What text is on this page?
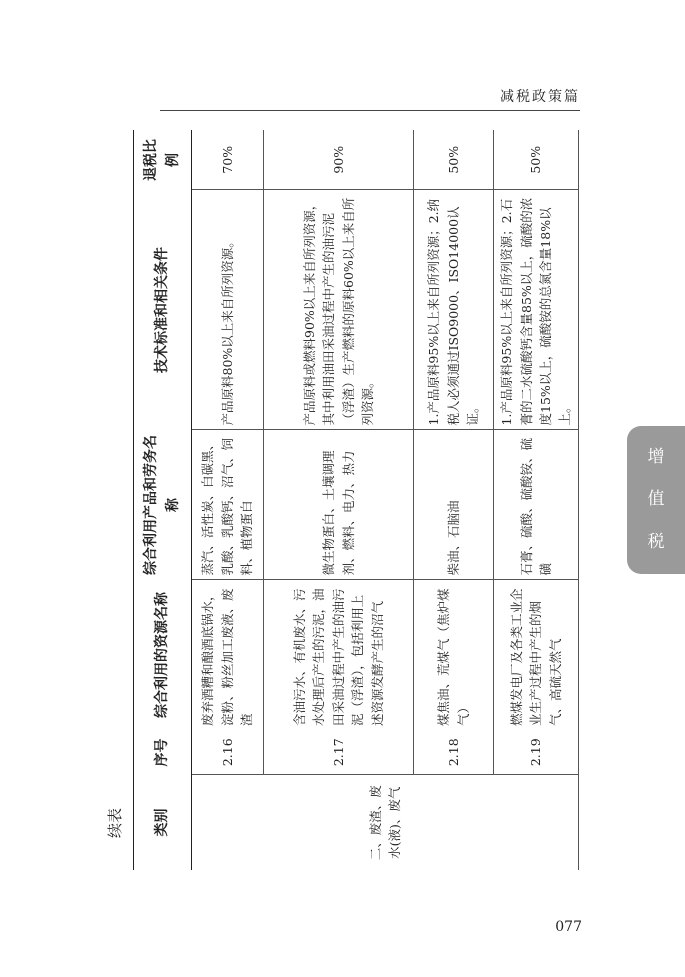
减税政策篇
续表 类别	序号	综合利用的资源名称	综合利用产品和劳务名称	技术标准和相关条件	退税比例
二、废渣、废水(液)、废气	2.16	废弃酒糟和酿酒底锅水，淀粉、粉丝加工废液、废渣	蒸汽、活性炭、白碳黑、乳酸、乳酸钙、沼气、饲料、植物蛋白	产品原料80%以上来自所列资源。	70%
	2.17	含油污水、有机废水、污水处理后产生的污泥，油田采油过程中产生的油污泥（浮渣），包括利用上述资源发酵产生的沼气	微生物蛋白、土壤调理剂、燃料、电力、热力	产品原料或燃料90%以上来自所列资源，其中利用油田采油过程中产生的油污泥（浮渣）生产燃料的原料60%以上来自所列资源。	90%
	2.18	煤焦油、荒煤气（焦炉煤气）	柴油、石脑油	1.产品原料95%以上来自所列资源；2.纳税人必须通过ISO9000、ISO14000认证。	50%
	2.19	燃煤发电厂及各类工业企业生产过程中产生的烟气、高硫天然气	石膏、硫酸、硫酸铵、硫磺	1.产品原料95%以上来自所列资源；2.石膏的二水硫酸钙含量85%以上，硫酸的浓度15%以上，硫酸铵的总氮含量18%以上。	50%
增
值
税
077
